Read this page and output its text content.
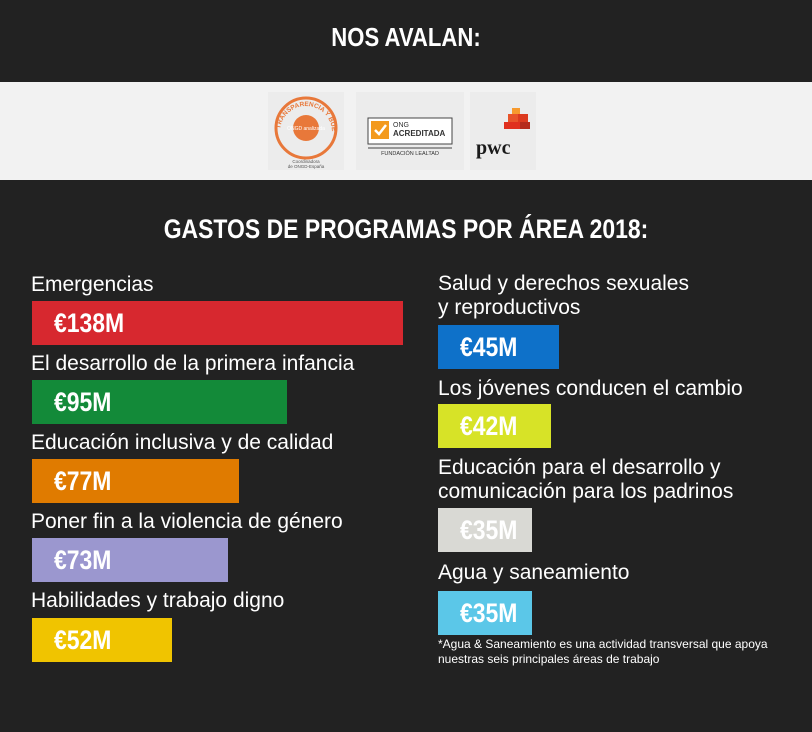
NOS AVALAN:
TRANSPARENCIA Y BUE
ONGD analizada
Coordinadora
de ONGD-España
ONG
ACREDITADA
FUNDACIÓN LEALTAD pwc
GASTOS DE PROGRAMAS POR ÁREA 2018:
Emergencias
€138M
El desarrollo de la primera infancia
€95M
Educación inclusiva y de calidad
€77M
Poner fin a la violencia de género
€73M
Habilidades y trabajo digno
€52M
Salud y derechos sexuales
y reproductivos
€45M
Los jóvenes conducen el cambio
€42M
Educación para el desarrollo y
comunicación para los padrinos
€35M
Agua y saneamiento
€35M

*Agua & Saneamiento es una actividad transversal que apoya nuestras seis principales áreas de trabajo
